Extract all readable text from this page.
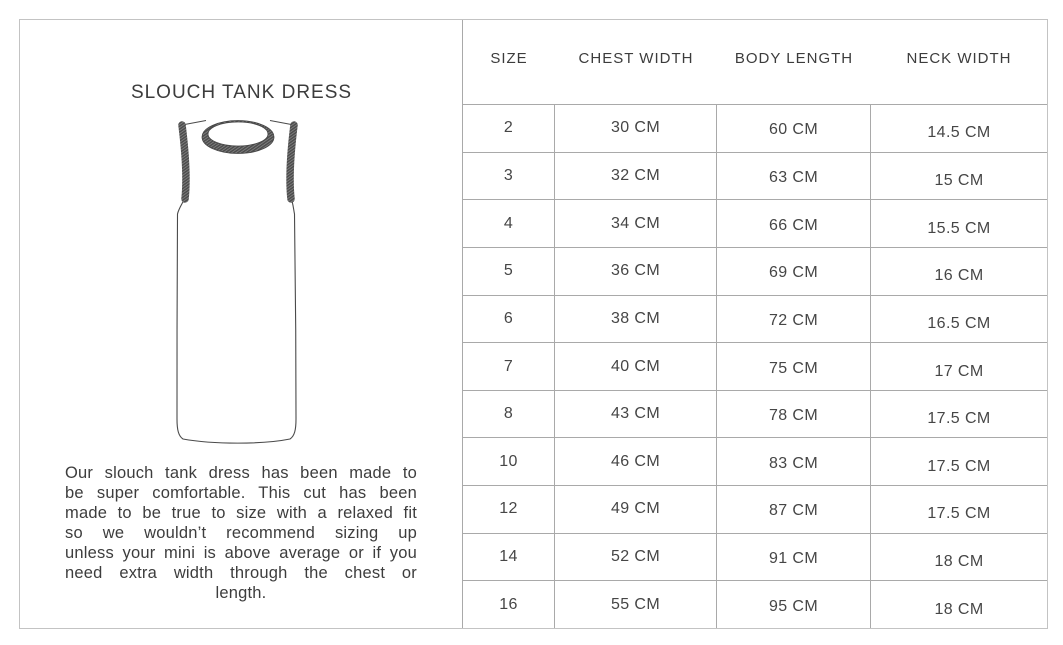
SLOUCH TANK DRESS
Our slouch tank dress has been made to
be super comfortable. This cut has been
made to be true to size with a relaxed fit
so we wouldn’t recommend sizing up
unless your mini is above average or if you
need extra width through the chest or
length.
SIZE	CHEST WIDTH	BODY LENGTH	NECK WIDTH
2	30 CM	60 CM	14.5 CM
3	32 CM	63 CM	15 CM
4	34 CM	66 CM	15.5 CM
5	36 CM	69 CM	16 CM
6	38 CM	72 CM	16.5 CM
7	40 CM	75 CM	17 CM
8	43 CM	78 CM	17.5 CM
10	46 CM	83 CM	17.5 CM
12	49 CM	87 CM	17.5 CM
14	52 CM	91 CM	18 CM
16	55 CM	95 CM	18 CM
